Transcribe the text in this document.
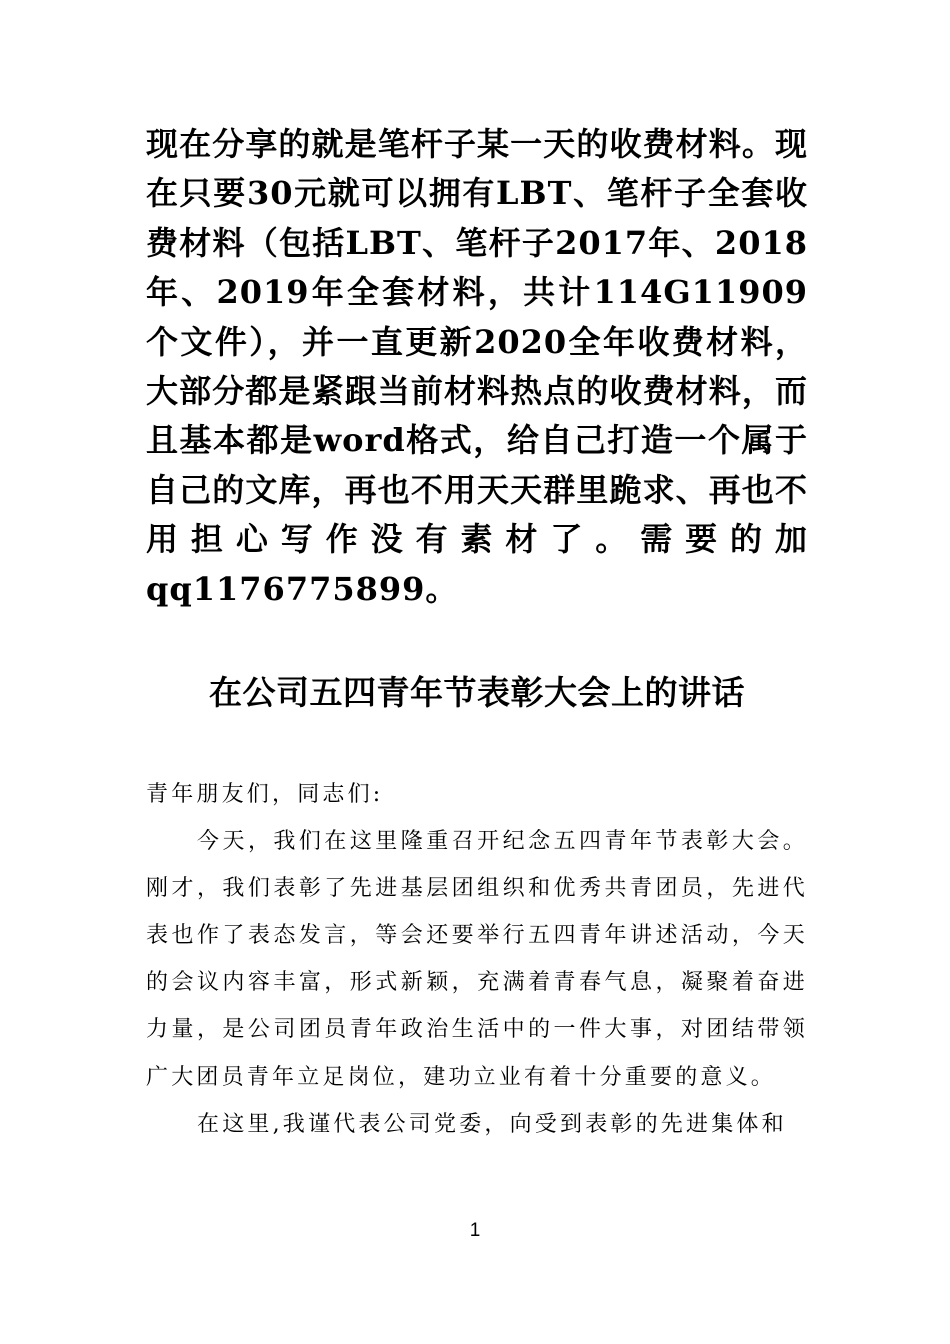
现在分享的就是笔杆子某一天的收费材料。现在只要30元就可以拥有LBT、笔杆子全套收费材料（包括LBT、笔杆子2017年、2018年、2019年全套材料，共计114G11909个文件），并一直更新2020全年收费材料，大部分都是紧跟当前材料热点的收费材料，而且基本都是word格式，给自己打造一个属于自己的文库，再也不用天天群里跪求、再也不用担心写作没有素材了。需要的加qq1176775899。
在公司五四青年节表彰大会上的讲话

青年朋友们，同志们:

今天，我们在这里隆重召开纪念五四青年节表彰大会。刚才，我们表彰了先进基层团组织和优秀共青团员，先进代表也作了表态发言，等会还要举行五四青年讲述活动，今天的会议内容丰富，形式新颖，充满着青春气息，凝聚着奋进力量，是公司团员青年政治生活中的一件大事，对团结带领广大团员青年立足岗位，建功立业有着十分重要的意义。

在这里,我谨代表公司党委，向受到表彰的先进集体和

1
